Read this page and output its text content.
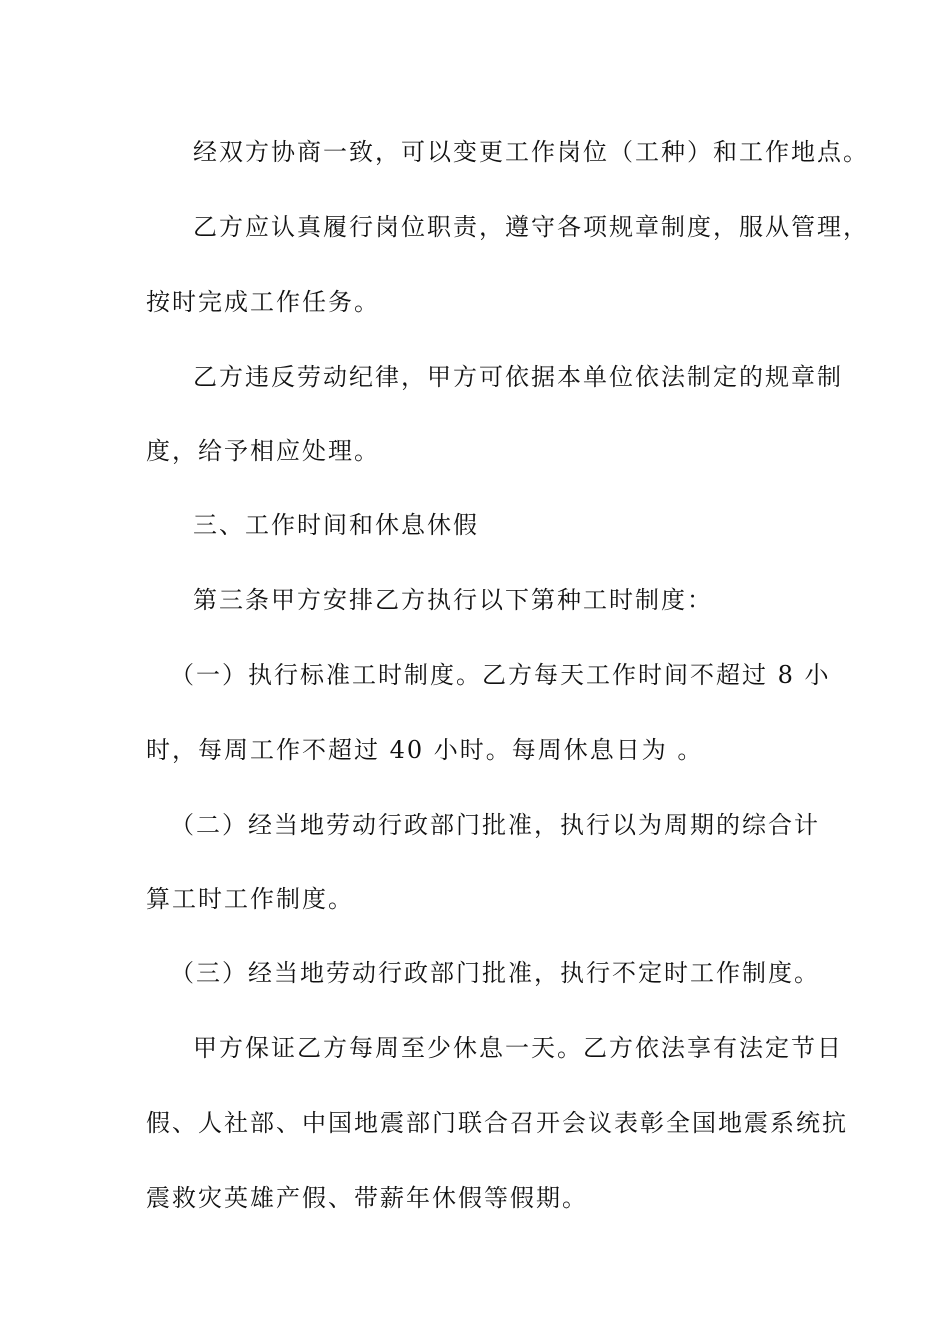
经双方协商一致，可以变更工作岗位（工种）和工作地点。
乙方应认真履行岗位职责，遵守各项规章制度，服从管理，
按时完成工作任务。
乙方违反劳动纪律，甲方可依据本单位依法制定的规章制
度，给予相应处理。
三、工作时间和休息休假
第三条甲方安排乙方执行以下第种工时制度：
（一）执行标准工时制度。乙方每天工作时间不超过 8 小
时，每周工作不超过 40 小时。每周休息日为 。
（二）经当地劳动行政部门批准，执行以为周期的综合计
算工时工作制度。
（三）经当地劳动行政部门批准，执行不定时工作制度。
甲方保证乙方每周至少休息一天。乙方依法享有法定节日
假、人社部、中国地震部门联合召开会议表彰全国地震系统抗
震救灾英雄产假、带薪年休假等假期。
